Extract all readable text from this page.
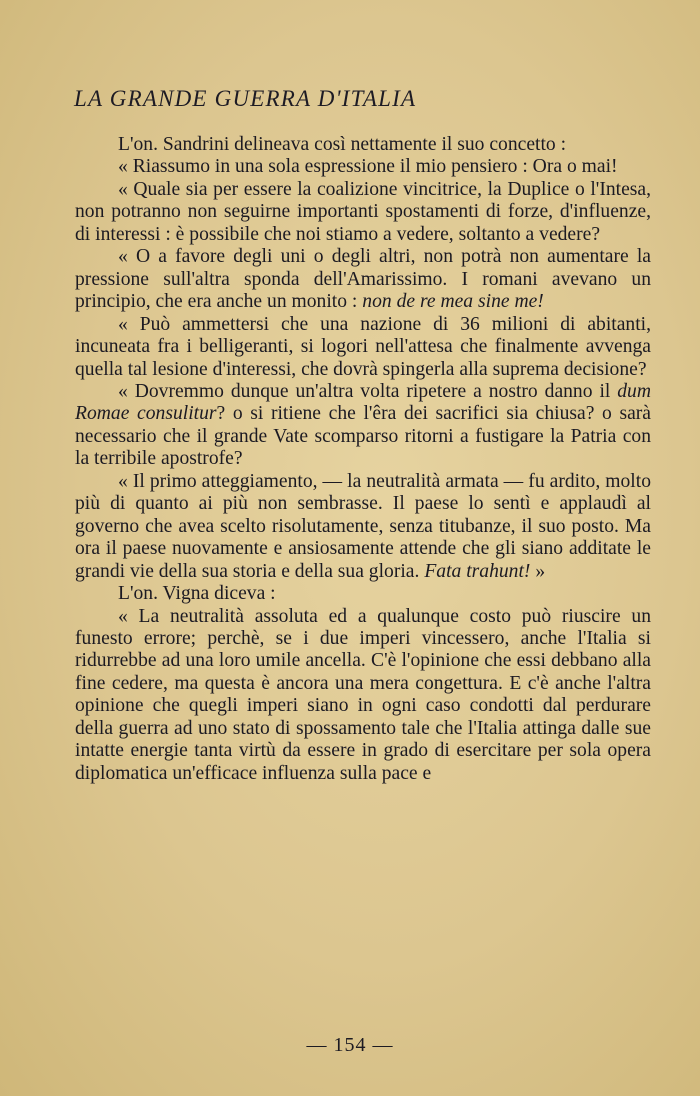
LA GRANDE GUERRA D'ITALIA

L'on. Sandrini delineava così nettamente il suo concetto :

« Riassumo in una sola espressione il mio pensiero : Ora o mai!

« Quale sia per essere la coalizione vincitrice, la Duplice o l'Intesa, non potranno non seguirne importanti spostamenti di forze, d'influenze, di interessi : è possibile che noi stiamo a vedere, soltanto a vedere?

« O a favore degli uni o degli altri, non potrà non aumentare la pressione sull'altra sponda dell'Amarissimo. I romani avevano un principio, che era anche un monito : non de re mea sine me!

« Può ammettersi che una nazione di 36 milioni di abitanti, incuneata fra i belligeranti, si logori nell'attesa che finalmente avvenga quella tal lesione d'interessi, che dovrà spingerla alla suprema decisione?

« Dovremmo dunque un'altra volta ripetere a nostro danno il dum Romae consulitur? o si ritiene che l'êra dei sacrifici sia chiusa? o sarà necessario che il grande Vate scomparso ritorni a fustigare la Patria con la terribile apostrofe?

« Il primo atteggiamento, — la neutralità armata — fu ardito, molto più di quanto ai più non sembrasse. Il paese lo sentì e applaudì al governo che avea scelto risolutamente, senza titubanze, il suo posto. Ma ora il paese nuovamente e ansiosamente attende che gli siano additate le grandi vie della sua storia e della sua gloria. Fata trahunt! »

L'on. Vigna diceva :

« La neutralità assoluta ed a qualunque costo può riuscire un funesto errore; perchè, se i due imperi vincessero, anche l'Italia si ridurrebbe ad una loro umile ancella. C'è l'opinione che essi debbano alla fine cedere, ma questa è ancora una mera congettura. E c'è anche l'altra opinione che quegli imperi siano in ogni caso condotti dal perdurare della guerra ad uno stato di spossamento tale che l'Italia attinga dalle sue intatte energie tanta virtù da essere in grado di esercitare per sola opera diplomatica un'efficace influenza sulla pace e

— 154 —
